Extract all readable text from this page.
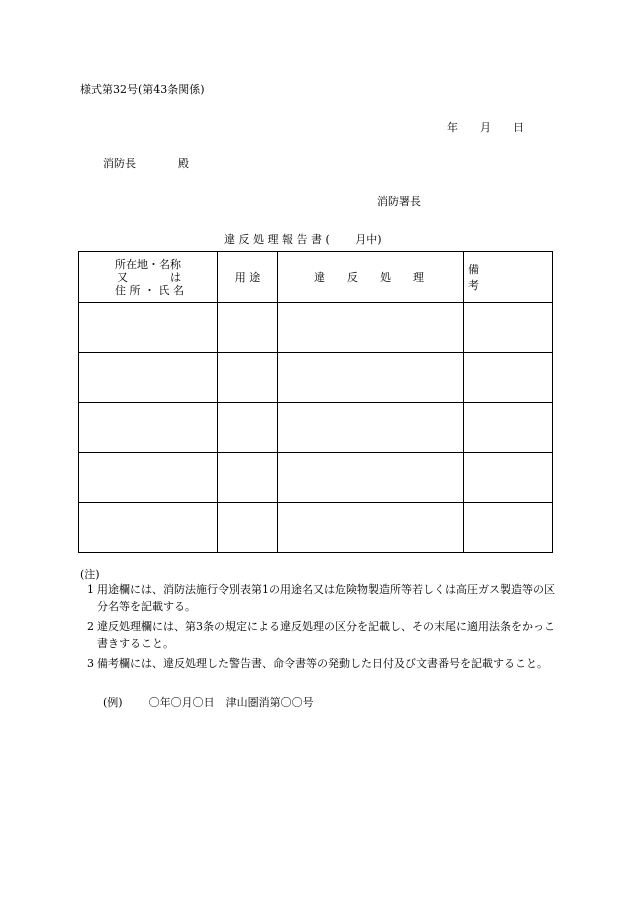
様式第32号(第43条関係)
年 月 日
消防長	殿
消防署長
違 反 処 理 報 告 書 (　　 月中)
所在地・名称
又 は
住 所 ・ 氏 名	用 途	違　　反　　処　　理	備考

(注)
1 用途欄には、消防法施行令別表第1の用途名又は危険物製造所等若しくは高圧ガス製造等の区分名等を記載する。
2 違反処理欄には、第3条の規定による違反処理の区分を記載し、その末尾に適用法条をかっこ書きすること。
3 備考欄には、違反処理した警告書、命令書等の発動した日付及び文書番号を記載すること。
(例) 〇年〇月〇日　津山圏消第〇〇号
